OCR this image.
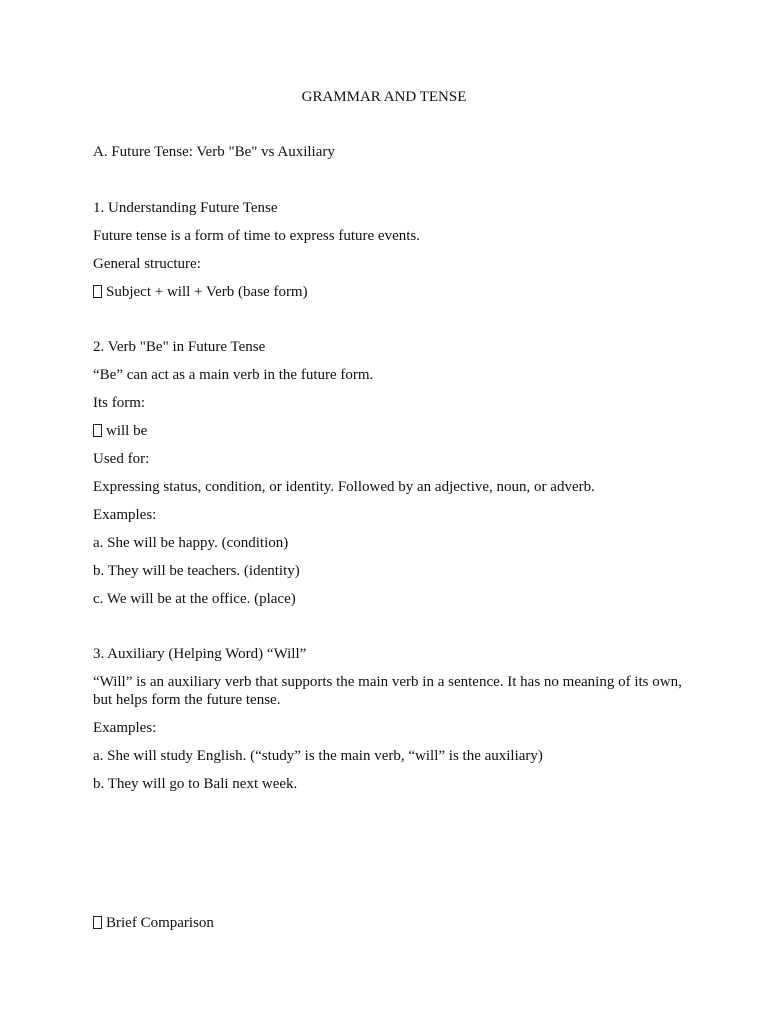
GRAMMAR AND TENSE
A. Future Tense: Verb "Be" vs Auxiliary
1. Understanding Future Tense
Future tense is a form of time to express future events.
General structure:
Subject + will + Verb (base form)
2. Verb "Be" in Future Tense
“Be” can act as a main verb in the future form.
Its form:
will be
Used for:
Expressing status, condition, or identity. Followed by an adjective, noun, or adverb.
Examples:
a. She will be happy. (condition)
b. They will be teachers. (identity)
c. We will be at the office. (place)
3. Auxiliary (Helping Word) “Will”
“Will” is an auxiliary verb that supports the main verb in a sentence. It has no meaning of its own, but helps form the future tense.
Examples:
a. She will study English. (“study” is the main verb, “will” is the auxiliary)
b. They will go to Bali next week.
Brief Comparison
